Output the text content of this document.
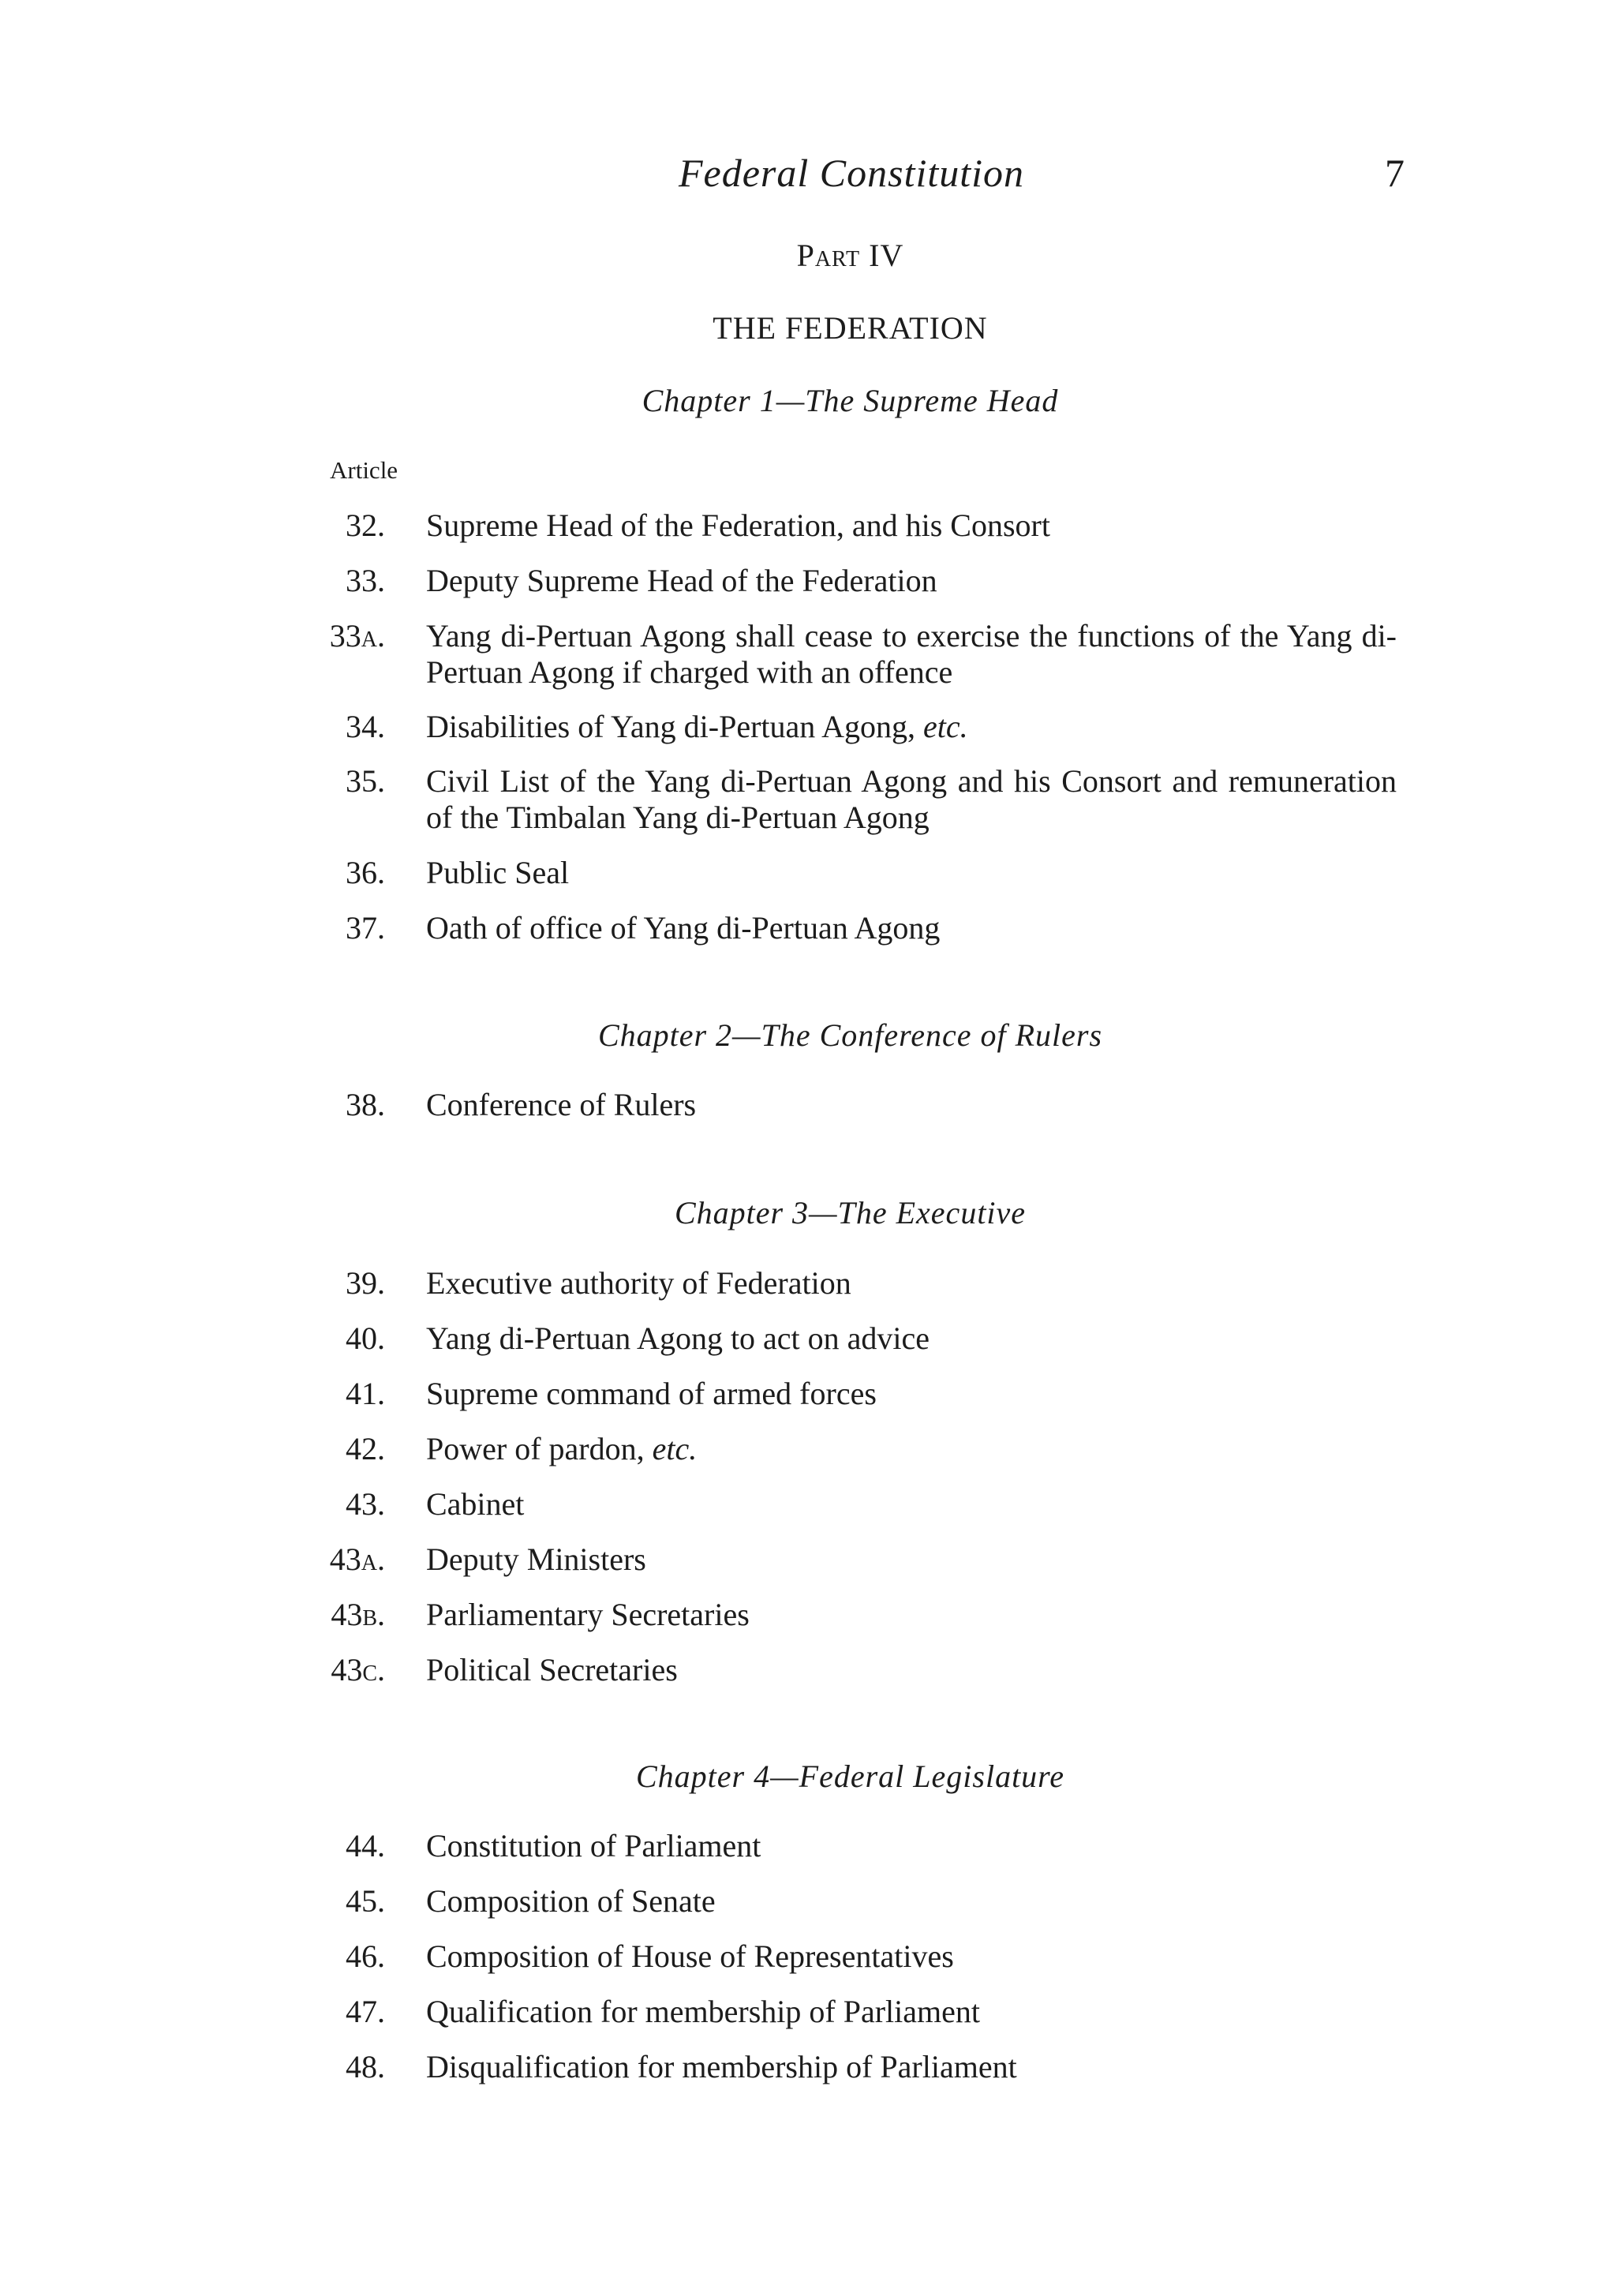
Federal Constitution	7
Part IV
THE FEDERATION
Chapter 1—The Supreme Head
Article
32. Supreme Head of the Federation, and his Consort
33. Deputy Supreme Head of the Federation
33a. Yang di-Pertuan Agong shall cease to exercise the functions of the Yang di-Pertuan Agong if charged with an offence
34. Disabilities of Yang di-Pertuan Agong, etc.
35. Civil List of the Yang di-Pertuan Agong and his Consort and remuneration of the Timbalan Yang di-Pertuan Agong
36. Public Seal
37. Oath of office of Yang di-Pertuan Agong
Chapter 2—The Conference of Rulers
38. Conference of Rulers
Chapter 3—The Executive
39. Executive authority of Federation
40. Yang di-Pertuan Agong to act on advice
41. Supreme command of armed forces
42. Power of pardon, etc.
43. Cabinet
43a. Deputy Ministers
43b. Parliamentary Secretaries
43c. Political Secretaries
Chapter 4—Federal Legislature
44. Constitution of Parliament
45. Composition of Senate
46. Composition of House of Representatives
47. Qualification for membership of Parliament
48. Disqualification for membership of Parliament
